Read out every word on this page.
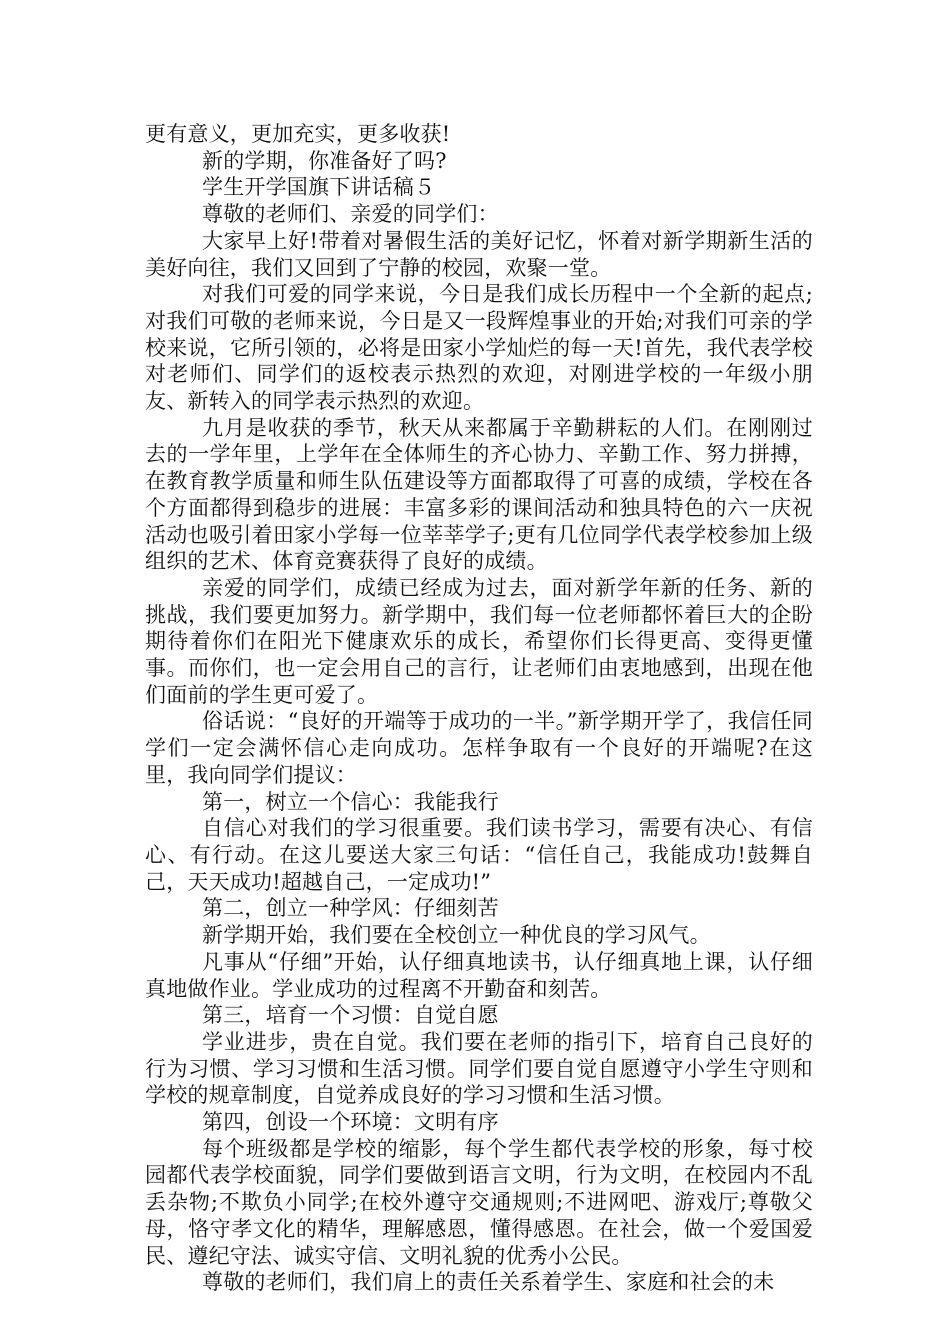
更有意义，更加充实，更多收获!

新的学期，你准备好了吗?

学生开学国旗下讲话稿５

尊敬的老师们、亲爱的同学们：

大家早上好!带着对暑假生活的美好记忆，怀着对新学期新生活的美好向往，我们又回到了宁静的校园，欢聚一堂。

对我们可爱的同学来说，今日是我们成长历程中一个全新的起点;对我们可敬的老师来说，今日是又一段辉煌事业的开始;对我们可亲的学校来说，它所引领的，必将是田家小学灿烂的每一天!首先，我代表学校对老师们、同学们的返校表示热烈的欢迎，对刚进学校的一年级小朋友、新转入的同学表示热烈的欢迎。

九月是收获的季节，秋天从来都属于辛勤耕耘的人们。在刚刚过去的一学年里，上学年在全体师生的齐心协力、辛勤工作、努力拼搏，在教育教学质量和师生队伍建设等方面都取得了可喜的成绩，学校在各个方面都得到稳步的进展：丰富多彩的课间活动和独具特色的六一庆祝活动也吸引着田家小学每一位莘莘学子;更有几位同学代表学校参加上级组织的艺术、体育竞赛获得了良好的成绩。

亲爱的同学们，成绩已经成为过去，面对新学年新的任务、新的挑战，我们要更加努力。新学期中，我们每一位老师都怀着巨大的企盼期待着你们在阳光下健康欢乐的成长，希望你们长得更高、变得更懂事。而你们，也一定会用自己的言行，让老师们由衷地感到，出现在他们面前的学生更可爱了。

俗话说：“良好的开端等于成功的一半。”新学期开学了，我信任同学们一定会满怀信心走向成功。怎样争取有一个良好的开端呢?在这里，我向同学们提议：

第一，树立一个信心：我能我行

自信心对我们的学习很重要。我们读书学习，需要有决心、有信心、有行动。在这儿要送大家三句话：“信任自己，我能成功!鼓舞自己，天天成功!超越自己，一定成功!”

第二，创立一种学风：仔细刻苦

新学期开始，我们要在全校创立一种优良的学习风气。

凡事从“仔细”开始，认仔细真地读书，认仔细真地上课，认仔细真地做作业。学业成功的过程离不开勤奋和刻苦。

第三，培育一个习惯：自觉自愿

学业进步，贵在自觉。我们要在老师的指引下，培育自己良好的行为习惯、学习习惯和生活习惯。同学们要自觉自愿遵守小学生守则和学校的规章制度，自觉养成良好的学习习惯和生活习惯。

第四，创设一个环境：文明有序

每个班级都是学校的缩影，每个学生都代表学校的形象，每寸校园都代表学校面貌，同学们要做到语言文明，行为文明，在校园内不乱丢杂物;不欺负小同学;在校外遵守交通规则;不进网吧、游戏厅;尊敬父母，恪守孝文化的精华，理解感恩，懂得感恩。在社会，做一个爱国爱民、遵纪守法、诚实守信、文明礼貌的优秀小公民。

尊敬的老师们，我们肩上的责任关系着学生、家庭和社会的未
